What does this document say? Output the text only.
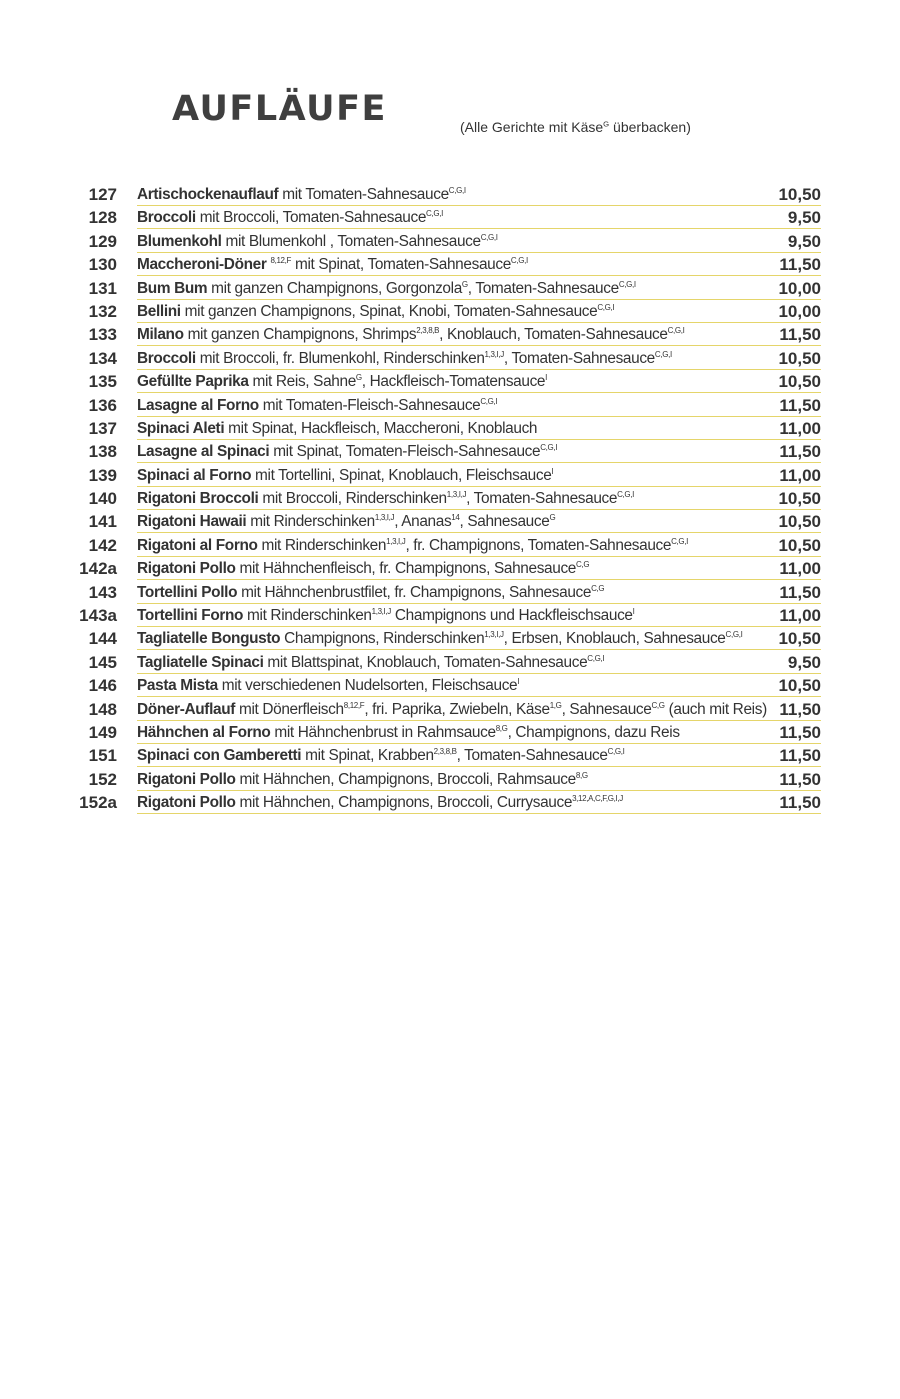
AUFLÄUFE	(Alle Gerichte mit Käse$^G$ überbacken)
127 Artischockenauflauf mit Tomaten-Sahnesauce$^{C,G,I}$	10,50
128 Broccoli mit Broccoli, Tomaten-Sahnesauce$^{C,G,I}$	9,50
129 Blumenkohl mit Blumenkohl , Tomaten-Sahnesauce$^{C,G,I}$	9,50
130 Maccheroni-Döner $^{8,12,F}$ mit Spinat, Tomaten-Sahnesauce$^{C,G,I}$	11,50
131 Bum Bum mit ganzen Champignons, Gorgonzola$^G$, Tomaten-Sahnesauce$^{C,G,I}$	10,00
132 Bellini mit ganzen Champignons, Spinat, Knobi, Tomaten-Sahnesauce$^{C,G,I}$	10,00
133 Milano mit ganzen Champignons, Shrimps$^{2,3,8,B}$, Knoblauch, Tomaten-Sahnesauce$^{C,G,I}$	11,50
134 Broccoli mit Broccoli, fr. Blumenkohl, Rinderschinken$^{1,3,I,J}$, Tomaten-Sahnesauce$^{C,G,I}$	10,50
135 Gefüllte Paprika mit Reis, Sahne$^G$, Hackfleisch-Tomatensauce$^I$	10,50
136 Lasagne al Forno mit Tomaten-Fleisch-Sahnesauce$^{C,G,I}$	11,50
137 Spinaci Aleti mit Spinat, Hackfleisch, Maccheroni, Knoblauch	11,00
138 Lasagne al Spinaci mit Spinat, Tomaten-Fleisch-Sahnesauce$^{C,G,I}$	11,50
139 Spinaci al Forno mit Tortellini, Spinat, Knoblauch, Fleischsauce$^I$	11,00
140 Rigatoni Broccoli mit Broccoli, Rinderschinken$^{1,3,I,J}$, Tomaten-Sahnesauce$^{C,G,I}$	10,50
141 Rigatoni Hawaii mit Rinderschinken$^{1,3,I,J}$, Ananas$^{14}$, Sahnesauce$^G$	10,50
142 Rigatoni al Forno mit Rinderschinken$^{1,3,I,J}$, fr. Champignons, Tomaten-Sahnesauce$^{C,G,I}$	10,50
142a Rigatoni Pollo mit Hähnchenfleisch, fr. Champignons, Sahnesauce$^{C,G}$	11,00
143 Tortellini Pollo mit Hähnchenbrustfilet, fr. Champignons, Sahnesauce$^{C,G}$	11,50
143a Tortellini Forno mit Rinderschinken$^{1,3,I,J}$ Champignons und Hackfleischsauce$^I$	11,00
144 Tagliatelle Bongusto Champignons, Rinderschinken$^{1,3,I,J}$, Erbsen, Knoblauch, Sahnesauce$^{C,G,I}$	10,50
145 Tagliatelle Spinaci mit Blattspinat, Knoblauch, Tomaten-Sahnesauce$^{C,G,I}$	9,50
146 Pasta Mista mit verschiedenen Nudelsorten, Fleischsauce$^I$	10,50
148 Döner-Auflauf mit Dönerfleisch$^{8,12,F}$, fri. Paprika, Zwiebeln, Käse$^{1,G}$, Sahnesauce$^{C,G}$ (auch mit Reis) 11,50
149 Hähnchen al Forno mit Hähnchenbrust in Rahmsauce$^{8,G}$, Champignons, dazu Reis	11,50
151 Spinaci con Gamberetti mit Spinat, Krabben$^{2,3,8,B}$, Tomaten-Sahnesauce$^{C,G,I}$	11,50
152 Rigatoni Pollo mit Hähnchen, Champignons, Broccoli, Rahmsauce$^{8,G}$	11,50
152a Rigatoni Pollo mit Hähnchen, Champignons, Broccoli, Currysauce$^{3,12,A,C,F,G,I,J}$	11,50
